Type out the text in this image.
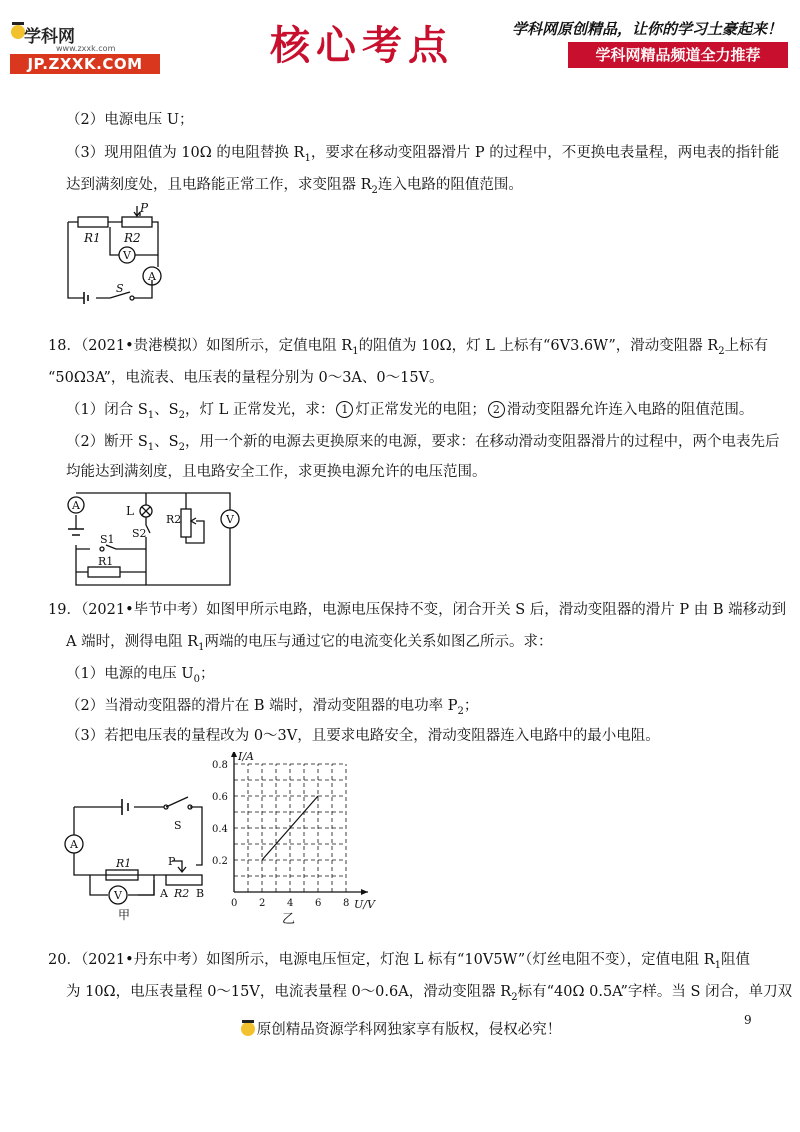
学科网
www.zxxk.com
JP.ZXXK.COM	核心考点	学科网原创精品，让你的学习土豪起来！
学科网精品频道全力推荐
（2）电源电压 U；
（3）现用阻值为 10Ω 的电阻替换 $R_1$，要求在移动变阻器滑片 P 的过程中，不更换电表量程，两电表的指针能
达到满刻度处，且电路能正常工作，求变阻器 $R_2$连入电路的阻值范围。
P
R1 R2
V
A
S
18．（2021•贵港模拟）如图所示，定值电阻 $R_1$的阻值为 10Ω，灯 L 上标有“6V3.6W”，滑动变阻器 $R_2$上标有
“50Ω3A”，电流表、电压表的量程分别为 0～3A、0～15V。
（1）闭合 $S_1$、$S_2$，灯 L 正常发光，求： 1 灯正常发光的电阻； 2 滑动变阻器允许连入电路的阻值范围。
（2）断开 $S_1$、$S_2$，用一个新的电源去更换原来的电源，要求：在移动滑动变阻器滑片的过程中，两个电表先后
均能达到满刻度，且电路安全工作，求更换电源允许的电压范围。
A	L
R2	V
S1 S2
R1
19．（2021•毕节中考）如图甲所示电路，电源电压保持不变，闭合开关 S 后，滑动变阻器的滑片 P 由 B 端移动到
A 端时，测得电阻 $R_1$两端的电压与通过它的电流变化关系如图乙所示。求：
（1）电源的电压 $U_0$；
（2）当滑动变阻器的滑片在 B 端时，滑动变阻器的电功率 $P_2$；
（3）若把电压表的量程改为 0～3V，且要求电路安全，滑动变阻器连入电路中的最小电阻。
A
S
R1	P
V	A R2 B
甲
0 2 4 6 8
0.2
0.4
0.6
0.8
I/A
U/V
乙
20．（2021•丹东中考）如图所示，电源电压恒定，灯泡 L 标有“10V5W”（灯丝电阻不变），定值电阻 $R_1$阻值
为 10Ω，电压表量程 0～15V，电流表量程 0～0.6A，滑动变阻器 $R_2$标有“40Ω 0.5A”字样。当 S 闭合，单刀双
9
原创精品资源学科网独家享有版权，侵权必究！
